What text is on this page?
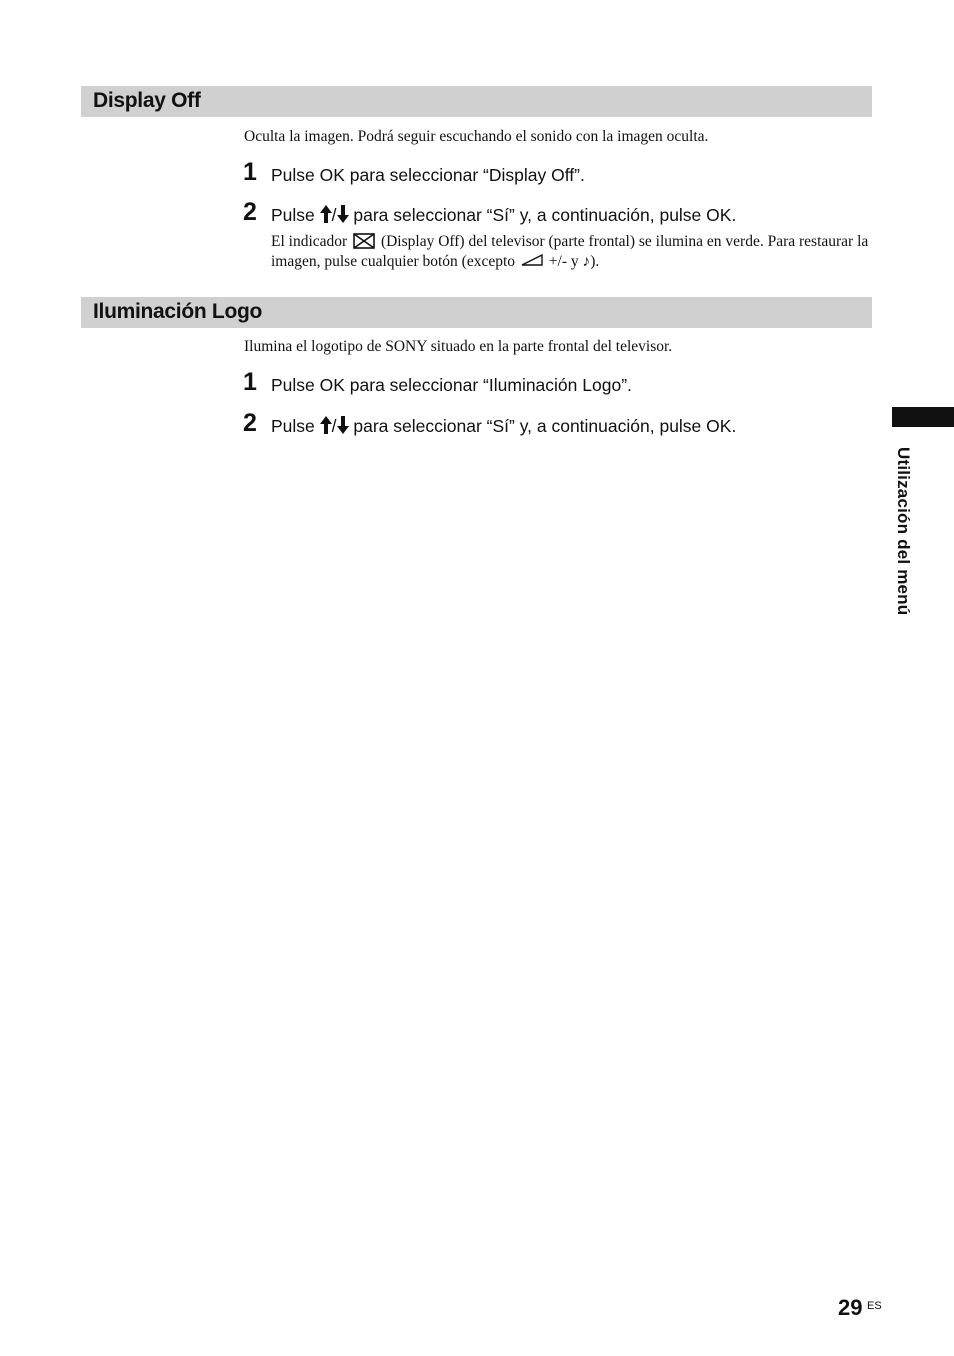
Display Off
Oculta la imagen. Podrá seguir escuchando el sonido con la imagen oculta.
1 Pulse OK para seleccionar “Display Off”.
2 Pulse / para seleccionar “Sí” y, a continuación, pulse OK.
El indicador  (Display Off) del televisor (parte frontal) se ilumina en verde. Para restaurar la imagen, pulse cualquier botón (excepto  +/- y ♪).
Iluminación Logo
Ilumina el logotipo de SONY situado en la parte frontal del televisor.
1 Pulse OK para seleccionar “Iluminación Logo”.
2 Pulse / para seleccionar “Sí” y, a continuación, pulse OK.
Utilización del menú
29 ES
